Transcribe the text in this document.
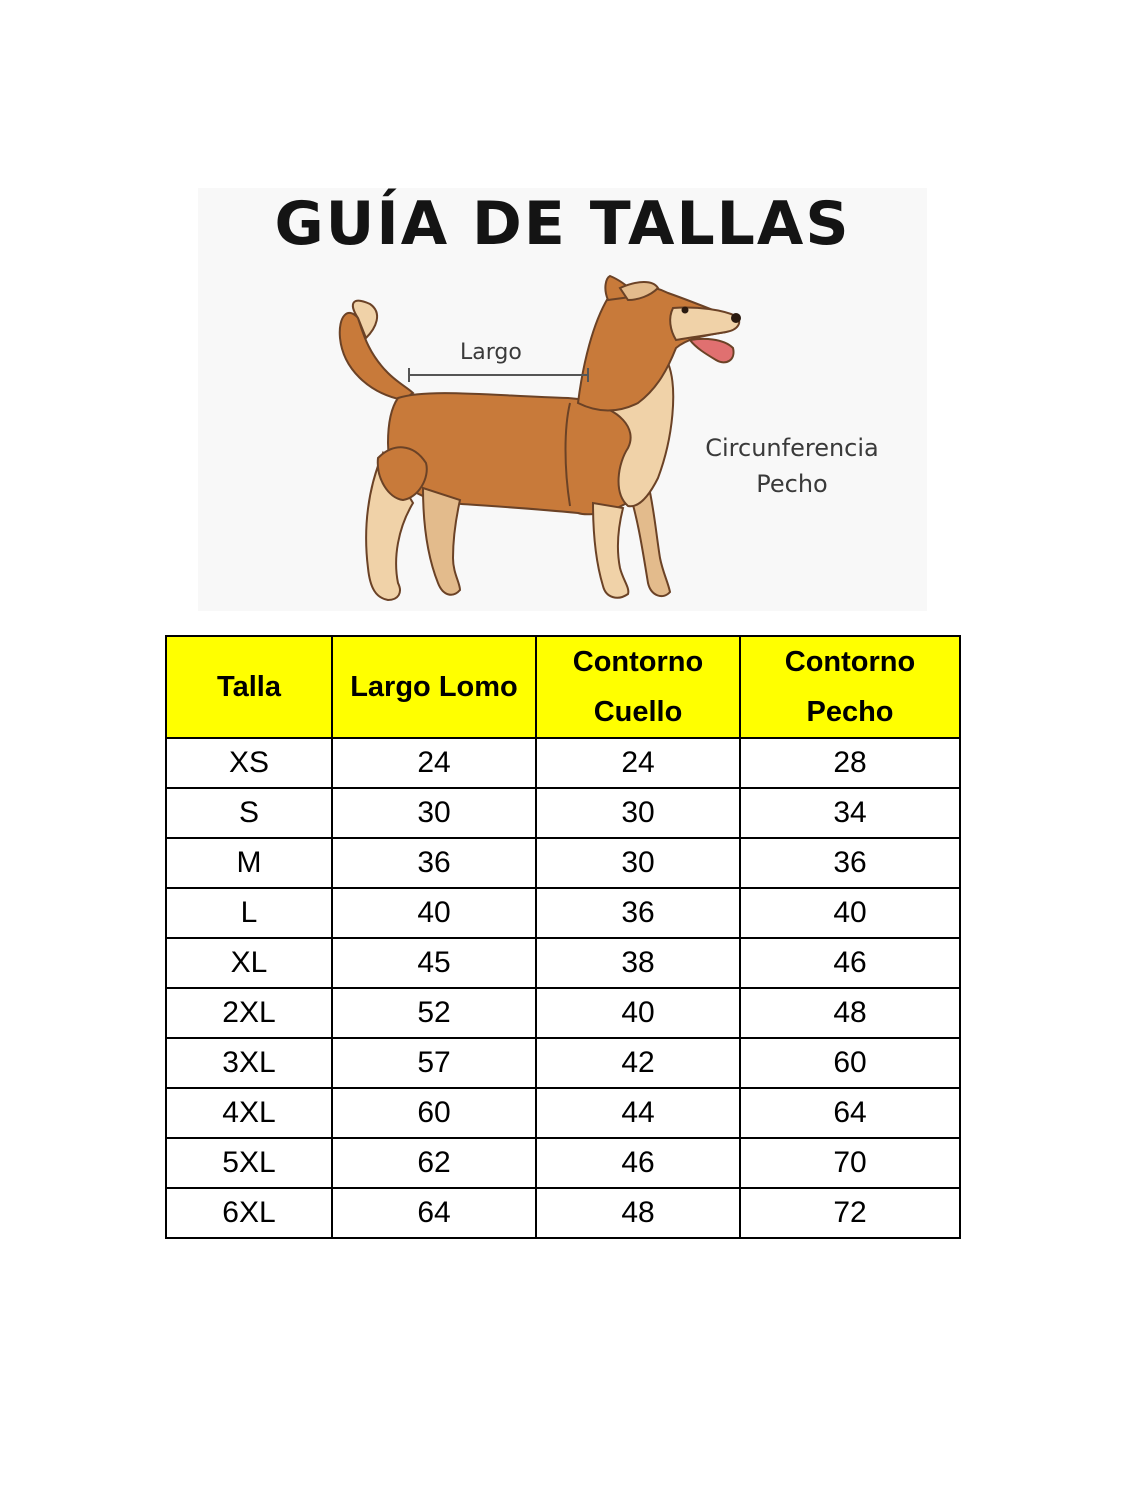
GUÍA DE TALLAS
Largo
Circunferencia
Pecho
Talla	Largo Lomo	Contorno Cuello	Contorno Pecho
XS	24	24	28
S	30	30	34
M	36	30	36
L	40	36	40
XL	45	38	46
2XL	52	40	48
3XL	57	42	60
4XL	60	44	64
5XL	62	46	70
6XL	64	48	72
